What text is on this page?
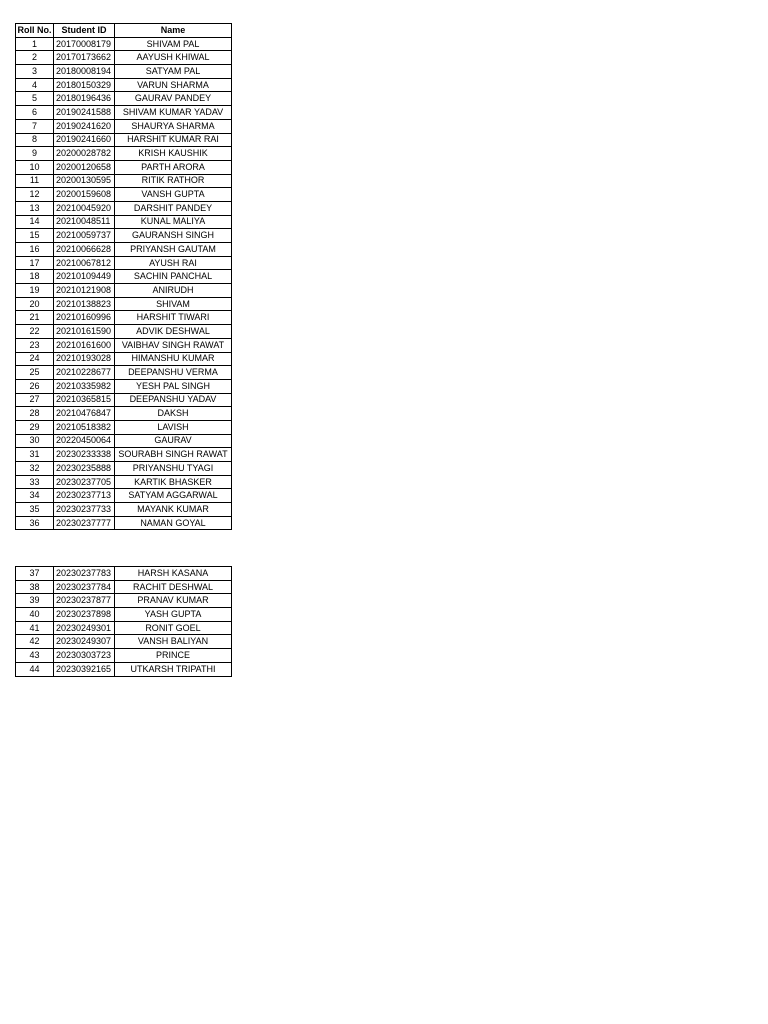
Roll No.	Student ID	Name
1	20170008179	SHIVAM PAL
2	20170173662	AAYUSH KHIWAL
3	20180008194	SATYAM PAL
4	20180150329	VARUN SHARMA
5	20180196436	GAURAV PANDEY
6	20190241588	SHIVAM KUMAR YADAV
7	20190241620	SHAURYA SHARMA
8	20190241660	HARSHIT KUMAR RAI
9	20200028782	KRISH KAUSHIK
10	20200120658	PARTH ARORA
11	20200130595	RITIK RATHOR
12	20200159608	VANSH GUPTA
13	20210045920	DARSHIT PANDEY
14	20210048511	KUNAL MALIYA
15	20210059737	GAURANSH SINGH
16	20210066628	PRIYANSH GAUTAM
17	20210067812	AYUSH RAI
18	20210109449	SACHIN PANCHAL
19	20210121908	ANIRUDH
20	20210138823	SHIVAM
21	20210160996	HARSHIT TIWARI
22	20210161590	ADVIK DESHWAL
23	20210161600	VAIBHAV SINGH RAWAT
24	20210193028	HIMANSHU KUMAR
25	20210228677	DEEPANSHU VERMA
26	20210335982	YESH PAL SINGH
27	20210365815	DEEPANSHU YADAV
28	20210476847	DAKSH
29	20210518382	LAVISH
30	20220450064	GAURAV
31	20230233338	SOURABH SINGH RAWAT
32	20230235888	PRIYANSHU TYAGI
33	20230237705	KARTIK BHASKER
34	20230237713	SATYAM AGGARWAL
35	20230237733	MAYANK KUMAR
36	20230237777	NAMAN GOYAL
37	20230237783	HARSH KASANA
38	20230237784	RACHIT DESHWAL
39	20230237877	PRANAV KUMAR
40	20230237898	YASH GUPTA
41	20230249301	RONIT GOEL
42	20230249307	VANSH BALIYAN
43	20230303723	PRINCE
44	20230392165	UTKARSH TRIPATHI
